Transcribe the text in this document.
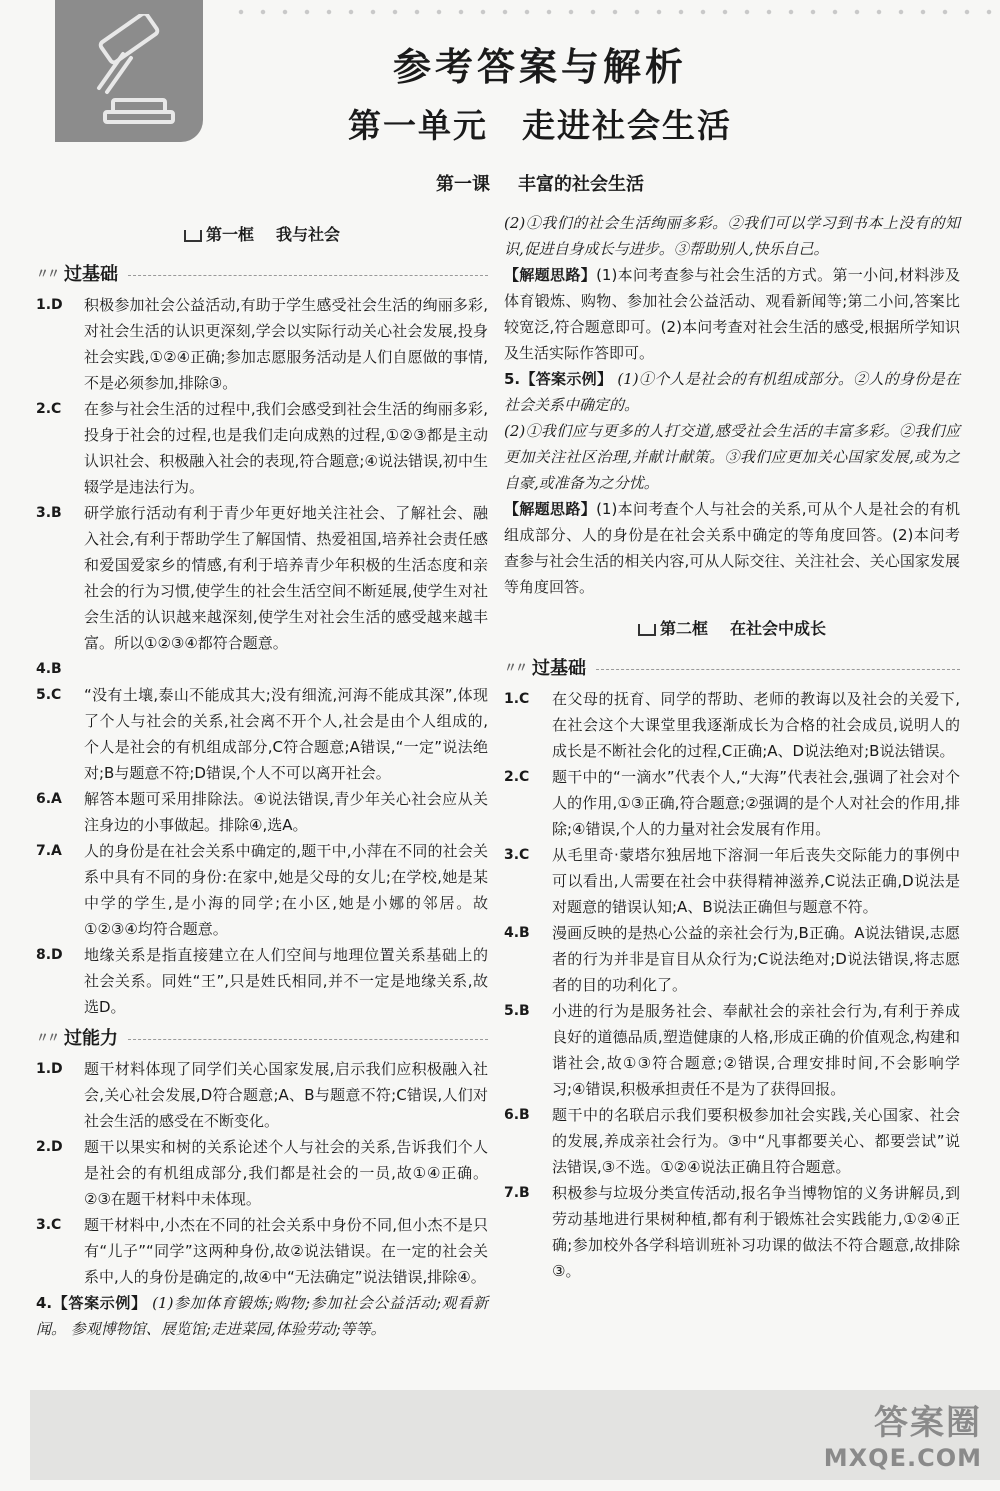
参考答案与解析
第一单元 走进社会生活
第一课 丰富的社会生活
第一框 我与社会
〃〃 过基础
1.D	积极参加社会公益活动,有助于学生感受社会生活的绚丽多彩,对社会生活的认识更深刻,学会以实际行动关心社会发展,投身社会实践,①②④正确;参加志愿服务活动是人们自愿做的事情,不是必须参加,排除③。
2.C	在参与社会生活的过程中,我们会感受到社会生活的绚丽多彩,投身于社会的过程,也是我们走向成熟的过程,①②③都是主动认识社会、积极融入社会的表现,符合题意;④说法错误,初中生辍学是违法行为。
3.B	研学旅行活动有利于青少年更好地关注社会、了解社会、融入社会,有利于帮助学生了解国情、热爱祖国,培养社会责任感和爱国爱家乡的情感,有利于培养青少年积极的生活态度和亲社会的行为习惯,使学生的社会生活空间不断延展,使学生对社会生活的认识越来越深刻,使学生对社会生活的感受越来越丰富。所以①②③④都符合题意。
4.B
5.C	“没有土壤,泰山不能成其大;没有细流,河海不能成其深”,体现了个人与社会的关系,社会离不开个人,社会是由个人组成的,个人是社会的有机组成部分,C符合题意;A错误,“一定”说法绝对;B与题意不符;D错误,个人不可以离开社会。
6.A	解答本题可采用排除法。④说法错误,青少年关心社会应从关注身边的小事做起。排除④,选A。
7.A	人的身份是在社会关系中确定的,题干中,小萍在不同的社会关系中具有不同的身份:在家中,她是父母的女儿;在学校,她是某中学的学生,是小海的同学;在小区,她是小娜的邻居。故①②③④均符合题意。
8.D	地缘关系是指直接建立在人们空间与地理位置关系基础上的社会关系。同姓“王”,只是姓氏相同,并不一定是地缘关系,故选D。
〃〃 过能力
1.D	题干材料体现了同学们关心国家发展,启示我们应积极融入社会,关心社会发展,D符合题意;A、B与题意不符;C错误,人们对社会生活的感受在不断变化。
2.D	题干以果实和树的关系论述个人与社会的关系,告诉我们个人是社会的有机组成部分,我们都是社会的一员,故①④正确。②③在题干材料中未体现。
3.C	题干材料中,小杰在不同的社会关系中身份不同,但小杰不是只有“儿子”“同学”这两种身份,故②说法错误。在一定的社会关系中,人的身份是确定的,故④中“无法确定”说法错误,排除④。
4.【答案示例】 (1)参加体育锻炼;购物;参加社会公益活动;观看新闻。 参观博物馆、展览馆;走进菜园,体验劳动;等等。
(2)①我们的社会生活绚丽多彩。②我们可以学习到书本上没有的知识,促进自身成长与进步。③帮助别人,快乐自己。
【解题思路】(1)本问考查参与社会生活的方式。第一小问,材料涉及体育锻炼、购物、参加社会公益活动、观看新闻等;第二小问,答案比较宽泛,符合题意即可。(2)本问考查对社会生活的感受,根据所学知识及生活实际作答即可。
5.【答案示例】 (1)①个人是社会的有机组成部分。②人的身份是在社会关系中确定的。
(2)①我们应与更多的人打交道,感受社会生活的丰富多彩。②我们应更加关注社区治理,并献计献策。③我们应更加关心国家发展,或为之自豪,或准备为之分忧。
【解题思路】(1)本问考查个人与社会的关系,可从个人是社会的有机组成部分、人的身份是在社会关系中确定的等角度回答。(2)本问考查参与社会生活的相关内容,可从人际交往、关注社会、关心国家发展等角度回答。
第二框 在社会中成长
〃〃 过基础
1.C	在父母的抚育、同学的帮助、老师的教诲以及社会的关爱下,在社会这个大课堂里我逐渐成长为合格的社会成员,说明人的成长是不断社会化的过程,C正确;A、D说法绝对;B说法错误。
2.C	题干中的“一滴水”代表个人,“大海”代表社会,强调了社会对个人的作用,①③正确,符合题意;②强调的是个人对社会的作用,排除;④错误,个人的力量对社会发展有作用。
3.C	从毛里奇·蒙塔尔独居地下溶洞一年后丧失交际能力的事例中可以看出,人需要在社会中获得精神滋养,C说法正确,D说法是对题意的错误认知;A、B说法正确但与题意不符。
4.B	漫画反映的是热心公益的亲社会行为,B正确。A说法错误,志愿者的行为并非是盲目从众行为;C说法绝对;D说法错误,将志愿者的目的功利化了。
5.B	小进的行为是服务社会、奉献社会的亲社会行为,有利于养成良好的道德品质,塑造健康的人格,形成正确的价值观念,构建和谐社会,故①③符合题意;②错误,合理安排时间,不会影响学习;④错误,积极承担责任不是为了获得回报。
6.B	题干中的名联启示我们要积极参加社会实践,关心国家、社会的发展,养成亲社会行为。③中“凡事都要关心、都要尝试”说法错误,③不选。①②④说法正确且符合题意。
7.B	积极参与垃圾分类宣传活动,报名争当博物馆的义务讲解员,到劳动基地进行果树种植,都有利于锻炼社会实践能力,①②④正确;参加校外各学科培训班补习功课的做法不符合题意,故排除③。
答案圈
MXQE.COM
